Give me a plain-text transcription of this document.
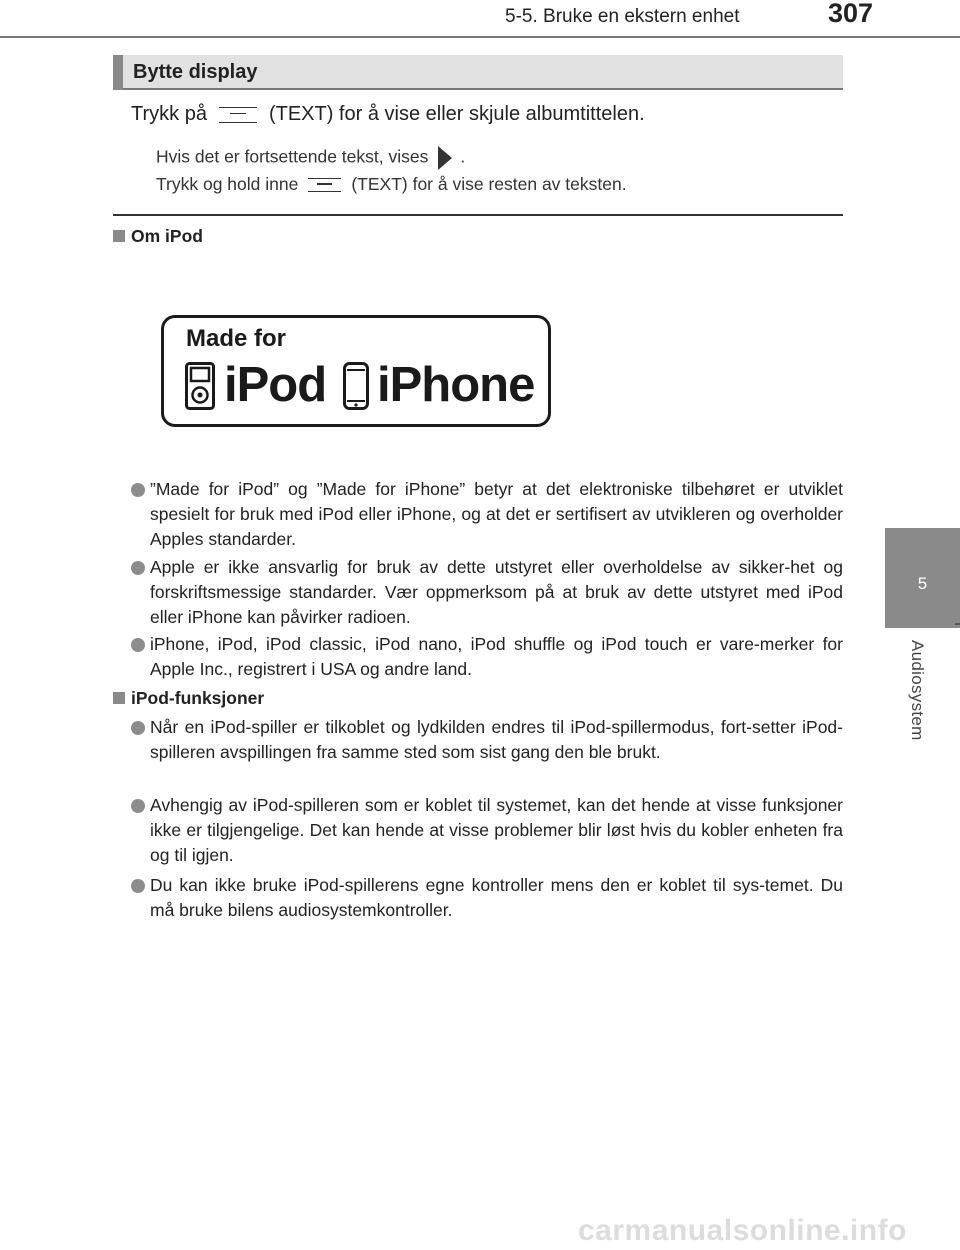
5-5. Bruke en ekstern enhet	307
5
Audiosystem
Bytte display
Trykk på	(TEXT) for å vise eller skjule albumtittelen.
Hvis det er fortsettende tekst, vises .
Trykk og hold inne	(TEXT) for å vise resten av teksten.
Om iPod
Made for
iPod iPhone
”Made for iPod” og ”Made for iPhone” betyr at det elektroniske tilbehøret er utviklet spesielt for bruk med iPod eller iPhone, og at det er sertifisert av utvikleren og overholder Apples standarder.
Apple er ikke ansvarlig for bruk av dette utstyret eller overholdelse av sikker-het og forskriftsmessige standarder. Vær oppmerksom på at bruk av dette utstyret med iPod eller iPhone kan påvirker radioen.
iPhone, iPod, iPod classic, iPod nano, iPod shuffle og iPod touch er vare-merker for Apple Inc., registrert i USA og andre land.
iPod-funksjoner
Når en iPod-spiller er tilkoblet og lydkilden endres til iPod-spillermodus, fort-setter iPod-spilleren avspillingen fra samme sted som sist gang den ble brukt.
Avhengig av iPod-spilleren som er koblet til systemet, kan det hende at visse funksjoner ikke er tilgjengelige. Det kan hende at visse problemer blir løst hvis du kobler enheten fra og til igjen.
Du kan ikke bruke iPod-spillerens egne kontroller mens den er koblet til sys-temet. Du må bruke bilens audiosystemkontroller.
carmanualsonline.info
